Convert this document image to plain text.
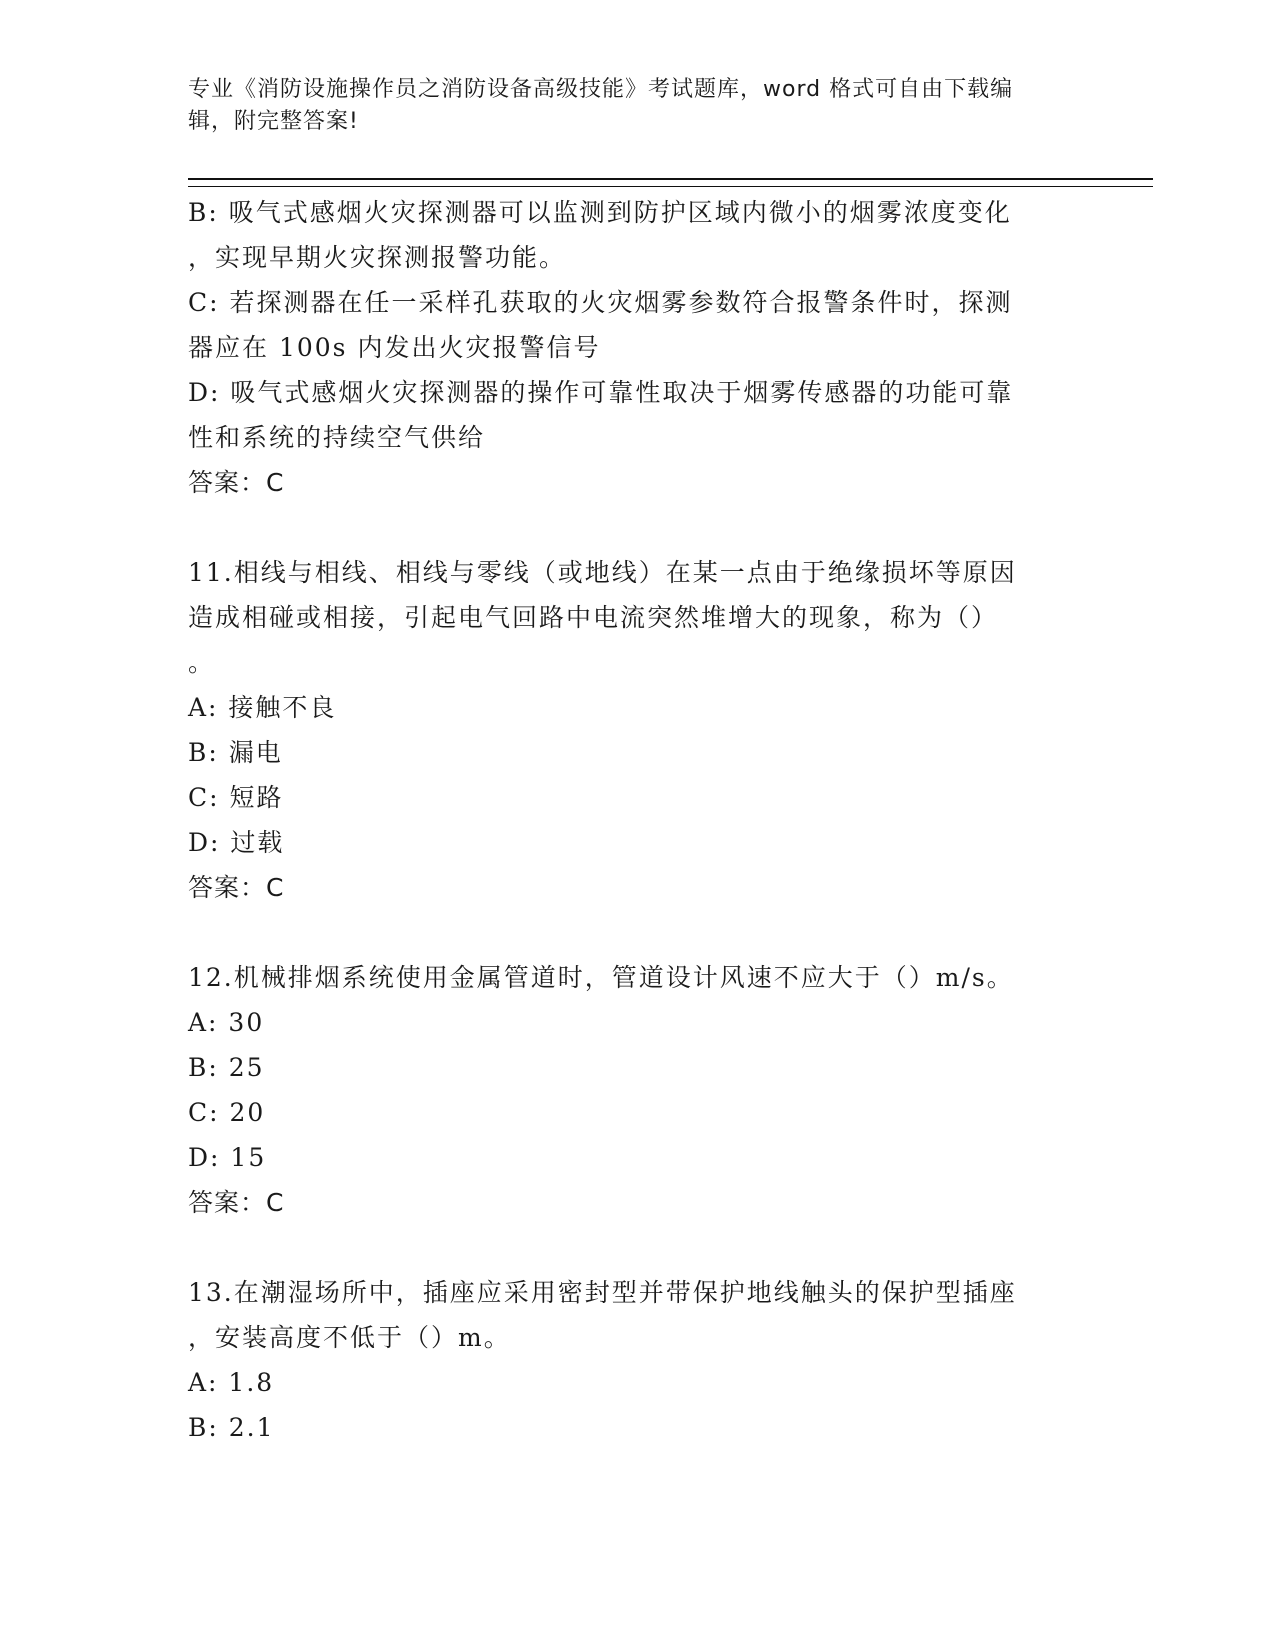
专业《消防设施操作员之消防设备高级技能》考试题库，word 格式可自由下载编
辑，附完整答案!
B: 吸气式感烟火灾探测器可以监测到防护区域内微小的烟雾浓度变化
，实现早期火灾探测报警功能。
C: 若探测器在任一采样孔获取的火灾烟雾参数符合报警条件时，探测
器应在 100s 内发出火灾报警信号
D: 吸气式感烟火灾探测器的操作可靠性取决于烟雾传感器的功能可靠
性和系统的持续空气供给
答案：C
11.相线与相线、相线与零线（或地线）在某一点由于绝缘损坏等原因
造成相碰或相接，引起电气回路中电流突然堆增大的现象，称为（）
。
A: 接触不良
B: 漏电
C: 短路
D: 过载
答案：C
12.机械排烟系统使用金属管道时，管道设计风速不应大于（）m/s。
A: 30
B: 25
C: 20
D: 15
答案：C
13.在潮湿场所中，插座应采用密封型并带保护地线触头的保护型插座
，安装高度不低于（）m。
A: 1.8
B: 2.1
